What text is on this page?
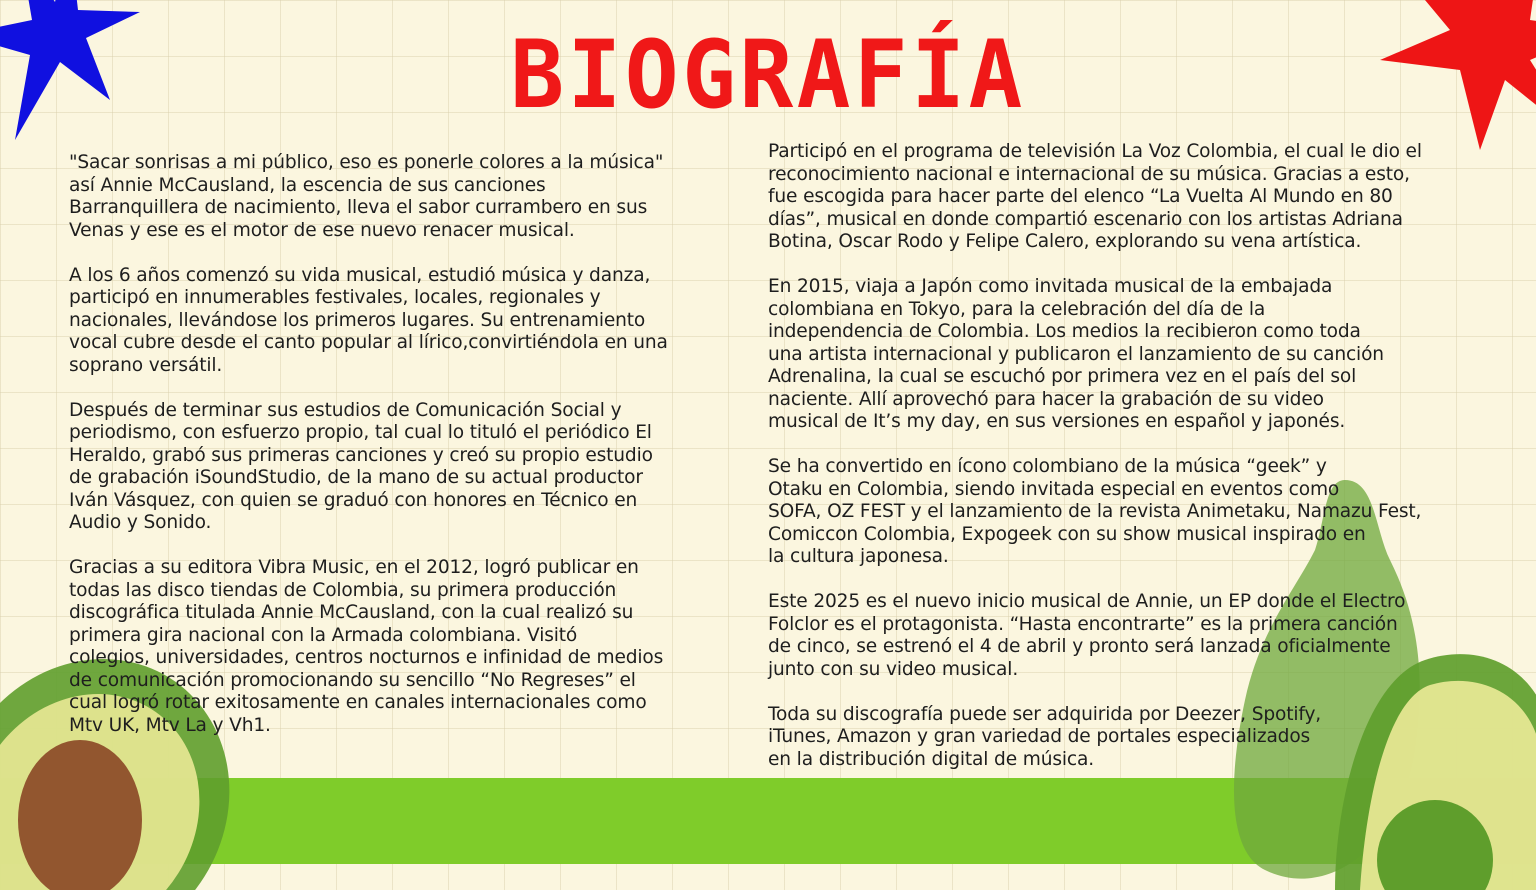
BIOGRAFÍA

"Sacar sonrisas a mi público, eso es ponerle colores a la música"
así Annie McCausland, la escencia de sus canciones
Barranquillera de nacimiento, lleva el sabor currambero en sus
Venas y ese es el motor de ese nuevo renacer musical.

A los 6 años comenzó su vida musical, estudió música y danza,
participó en innumerables festivales, locales, regionales y
nacionales, llevándose los primeros lugares. Su entrenamiento
vocal cubre desde el canto popular al lírico,convirtiéndola en una
soprano versátil.

Después de terminar sus estudios de Comunicación Social y
periodismo, con esfuerzo propio, tal cual lo tituló el periódico El
Heraldo, grabó sus primeras canciones y creó su propio estudio
de grabación iSoundStudio, de la mano de su actual productor
Iván Vásquez, con quien se graduó con honores en Técnico en
Audio y Sonido.

Gracias a su editora Vibra Music, en el 2012, logró publicar en
todas las disco tiendas de Colombia, su primera producción
discográfica titulada Annie McCausland, con la cual realizó su
primera gira nacional con la Armada colombiana. Visitó
colegios, universidades, centros nocturnos e infinidad de medios
de comunicación promocionando su sencillo “No Regreses” el
cual logró rotar exitosamente en canales internacionales como
Mtv UK, Mtv La y Vh1.

Participó en el programa de televisión La Voz Colombia, el cual le dio el
reconocimiento nacional e internacional de su música. Gracias a esto,
fue escogida para hacer parte del elenco “La Vuelta Al Mundo en 80
días”, musical en donde compartió escenario con los artistas Adriana
Botina, Oscar Rodo y Felipe Calero, explorando su vena artística.

En 2015, viaja a Japón como invitada musical de la embajada
colombiana en Tokyo, para la celebración del día de la
independencia de Colombia. Los medios la recibieron como toda
una artista internacional y publicaron el lanzamiento de su canción
Adrenalina, la cual se escuchó por primera vez en el país del sol
naciente. Allí aprovechó para hacer la grabación de su video
musical de It’s my day, en sus versiones en español y japonés.

Se ha convertido en ícono colombiano de la música “geek” y
Otaku en Colombia, siendo invitada especial en eventos como
SOFA, OZ FEST y el lanzamiento de la revista Animetaku, Namazu Fest,
Comiccon Colombia, Expogeek con su show musical inspirado en
la cultura japonesa.

Este 2025 es el nuevo inicio musical de Annie, un EP donde el Electro
Folclor es el protagonista. “Hasta encontrarte” es la primera canción
de cinco, se estrenó el 4 de abril y pronto será lanzada oficialmente
junto con su video musical.

Toda su discografía puede ser adquirida por Deezer, Spotify,
iTunes, Amazon y gran variedad de portales especializados
en la distribución digital de música.
